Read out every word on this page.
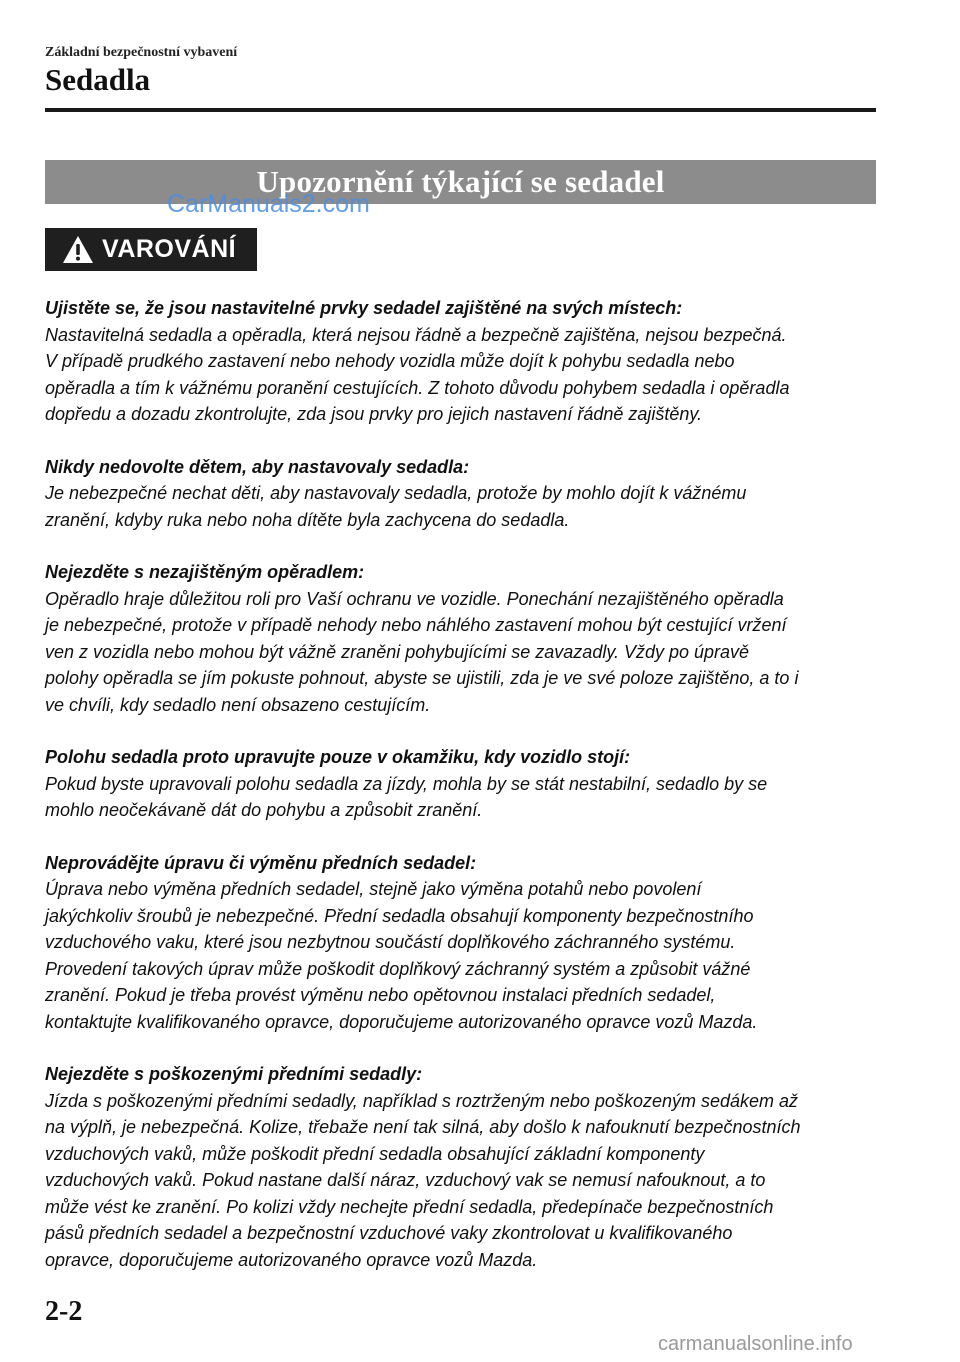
Základní bezpečnostní vybavení
Sedadla
Upozornění týkající se sedadel
CarManuals2.com
VAROVÁNÍ
Ujistěte se, že jsou nastavitelné prvky sedadel zajištěné na svých místech:
Nastavitelná sedadla a opěradla, která nejsou řádně a bezpečně zajištěna, nejsou bezpečná.
V případě prudkého zastavení nebo nehody vozidla může dojít k pohybu sedadla nebo
opěradla a tím k vážnému poranění cestujících. Z tohoto důvodu pohybem sedadla i opěradla
dopředu a dozadu zkontrolujte, zda jsou prvky pro jejich nastavení řádně zajištěny.
Nikdy nedovolte dětem, aby nastavovaly sedadla:
Je nebezpečné nechat děti, aby nastavovaly sedadla, protože by mohlo dojít k vážnému
zranění, kdyby ruka nebo noha dítěte byla zachycena do sedadla.
Nejezděte s nezajištěným opěradlem:
Opěradlo hraje důležitou roli pro Vaší ochranu ve vozidle. Ponechání nezajištěného opěradla
je nebezpečné, protože v případě nehody nebo náhlého zastavení mohou být cestující vržení
ven z vozidla nebo mohou být vážně zraněni pohybujícími se zavazadly. Vždy po úpravě
polohy opěradla se jím pokuste pohnout, abyste se ujistili, zda je ve své poloze zajištěno, a to i
ve chvíli, kdy sedadlo není obsazeno cestujícím.
Polohu sedadla proto upravujte pouze v okamžiku, kdy vozidlo stojí:
Pokud byste upravovali polohu sedadla za jízdy, mohla by se stát nestabilní, sedadlo by se
mohlo neočekávaně dát do pohybu a způsobit zranění.
Neprovádějte úpravu či výměnu předních sedadel:
Úprava nebo výměna předních sedadel, stejně jako výměna potahů nebo povolení
jakýchkoliv šroubů je nebezpečné. Přední sedadla obsahují komponenty bezpečnostního
vzduchového vaku, které jsou nezbytnou součástí doplňkového záchranného systému.
Provedení takových úprav může poškodit doplňkový záchranný systém a způsobit vážné
zranění. Pokud je třeba provést výměnu nebo opětovnou instalaci předních sedadel,
kontaktujte kvalifikovaného opravce, doporučujeme autorizovaného opravce vozů Mazda.
Nejezděte s poškozenými předními sedadly:
Jízda s poškozenými předními sedadly, například s roztrženým nebo poškozeným sedákem až
na výplň, je nebezpečná. Kolize, třebaže není tak silná, aby došlo k nafouknutí bezpečnostních
vzduchových vaků, může poškodit přední sedadla obsahující základní komponenty
vzduchových vaků. Pokud nastane další náraz, vzduchový vak se nemusí nafouknout, a to
může vést ke zranění. Po kolizi vždy nechejte přední sedadla, předepínače bezpečnostních
pásů předních sedadel a bezpečnostní vzduchové vaky zkontrolovat u kvalifikovaného
opravce, doporučujeme autorizovaného opravce vozů Mazda.
2-2
carmanualsonline.info
